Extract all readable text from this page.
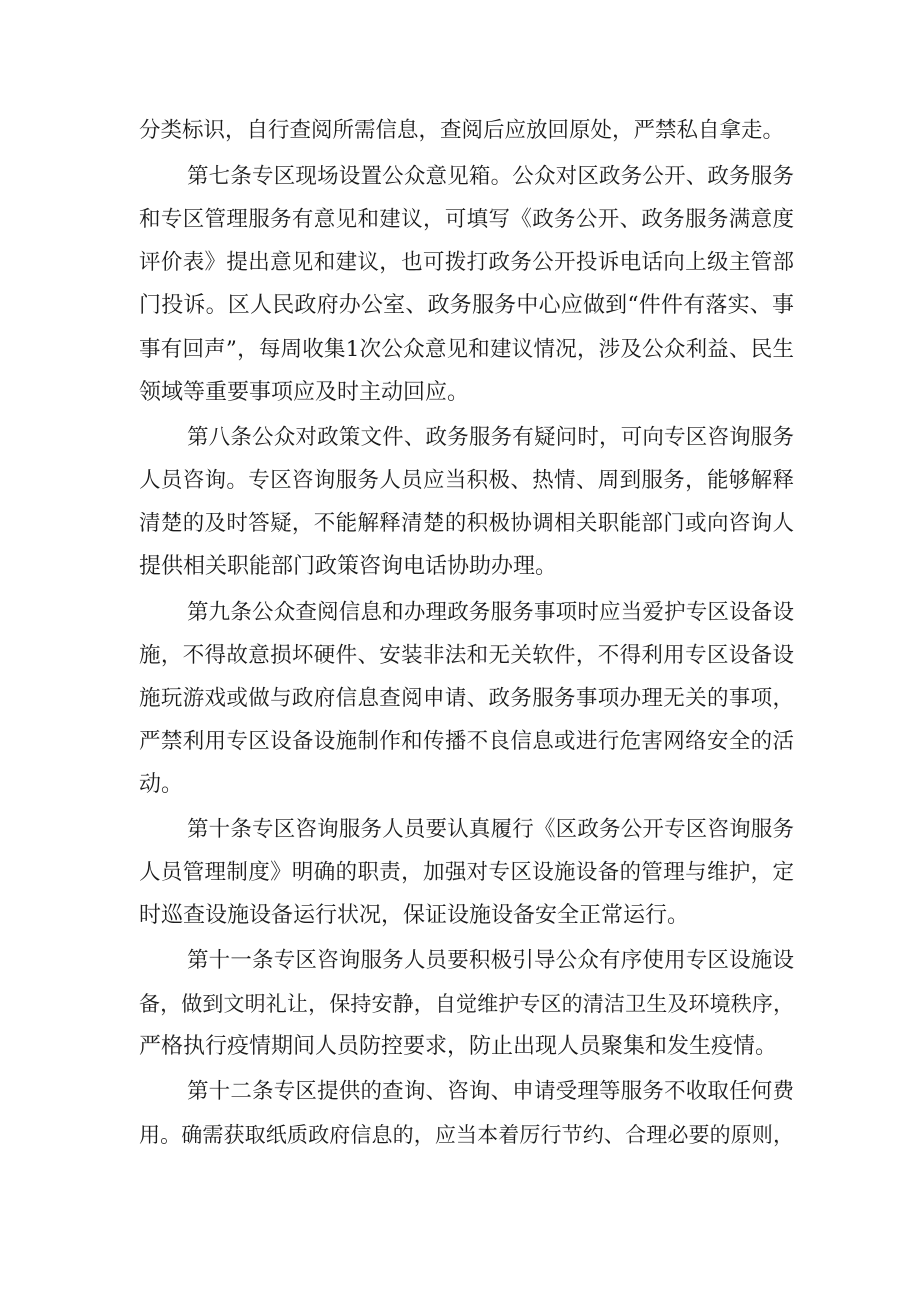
分类标识，自行查阅所需信息，查阅后应放回原处，严禁私自拿走。
第七条专区现场设置公众意见箱。公众对区政务公开、政务服务
和专区管理服务有意见和建议，可填写《政务公开、政务服务满意度
评价表》提出意见和建议，也可拨打政务公开投诉电话向上级主管部
门投诉。区人民政府办公室、政务服务中心应做到“件件有落实、事
事有回声”，每周收集1次公众意见和建议情况，涉及公众利益、民生
领域等重要事项应及时主动回应。
第八条公众对政策文件、政务服务有疑问时，可向专区咨询服务
人员咨询。专区咨询服务人员应当积极、热情、周到服务，能够解释
清楚的及时答疑，不能解释清楚的积极协调相关职能部门或向咨询人
提供相关职能部门政策咨询电话协助办理。
第九条公众查阅信息和办理政务服务事项时应当爱护专区设备设
施，不得故意损坏硬件、安装非法和无关软件，不得利用专区设备设
施玩游戏或做与政府信息查阅申请、政务服务事项办理无关的事项，
严禁利用专区设备设施制作和传播不良信息或进行危害网络安全的活
动。
第十条专区咨询服务人员要认真履行《区政务公开专区咨询服务
人员管理制度》明确的职责，加强对专区设施设备的管理与维护，定
时巡查设施设备运行状况，保证设施设备安全正常运行。
第十一条专区咨询服务人员要积极引导公众有序使用专区设施设
备，做到文明礼让，保持安静，自觉维护专区的清洁卫生及环境秩序，
严格执行疫情期间人员防控要求，防止出现人员聚集和发生疫情。
第十二条专区提供的查询、咨询、申请受理等服务不收取任何费
用。确需获取纸质政府信息的，应当本着厉行节约、合理必要的原则，
